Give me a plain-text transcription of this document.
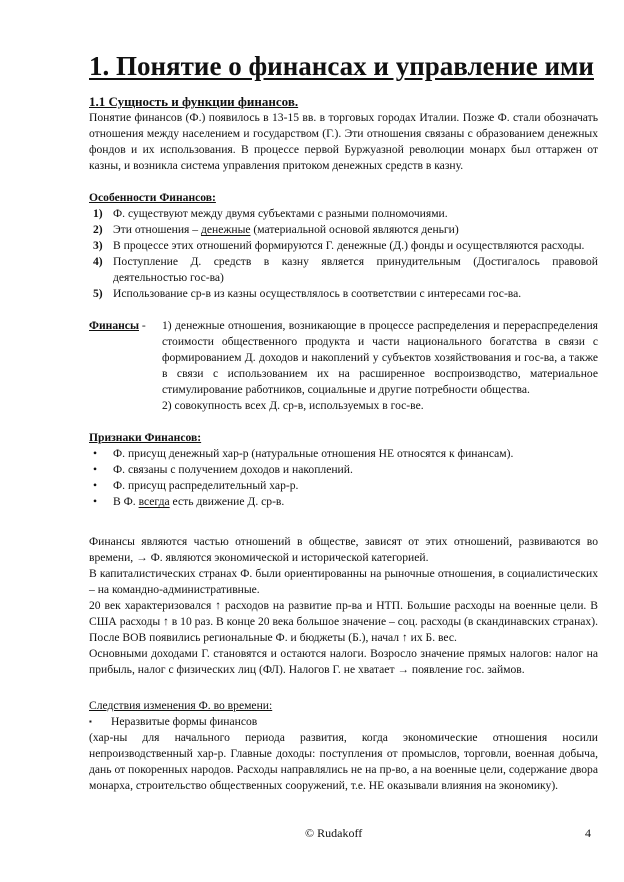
1. Понятие о финансах и управление ими
1.1 Сущность и функции финансов.

Понятие финансов (Ф.) появилось в 13-15 вв. в торговых городах Италии. Позже Ф. стали обозначать отношения между населением и государством (Г.). Эти отношения связаны с образованием денежных фондов и их использования. В процессе первой Буржуазной революции монарх был оттаржен от казны, и возникла система управления притоком денежных средств в казну.

Особенности Финансов:
1) Ф. существуют между двумя субъектами с разными полномочиями.
2) Эти отношения – денежные (материальной основой являются деньги)
3) В процессе этих отношений формируются Г. денежные (Д.) фонды и осуществляются расходы.
4) Поступление Д. средств в казну является принудительным (Достигалось правовой деятельностью гос-ва)
5) Использование ср-в из казны осуществлялось в соответствии с интересами гос-ва.
Финансы - 1) денежные отношения, возникающие в процессе распределения и перераспределения стоимости общественного продукта и части национального богатства в связи с формированием Д. доходов и накоплений у субъектов хозяйствования и гос-ва, а также в связи с использованием их на расширенное воспроизводство, материальное стимулирование работников, социальные и другие потребности общества.

2) совокупность всех Д. ср-в, используемых в гос-ве.

Признаки Финансов:
• Ф. присущ денежный хар-р (натуральные отношения НЕ относятся к финансам).
• Ф. связаны с получением доходов и накоплений.
• Ф. присущ распределительный хар-р.
• В Ф. всегда есть движение Д. ср-в.

Финансы являются частью отношений в обществе, зависят от этих отношений, развиваются во времени, → Ф. являются экономической и исторической категорией.

В капиталистических странах Ф. были ориентированны на рыночные отношения, в социалистических – на командно-административные.

20 век характеризовался ↑ расходов на развитие пр-ва и НТП. Большие расходы на военные цели. В США расходы ↑ в 10 раз. В конце 20 века большое значение – соц. расходы (в скандинавских странах). После ВОВ появились региональные Ф. и бюджеты (Б.), начал ↑ их Б. вес.

Основными доходами Г. становятся и остаются налоги. Возросло значение прямых налогов: налог на прибыль, налог с физических лиц (ФЛ). Налогов Г. не хватает → появление гос. займов.

Следствия изменения Ф. во времени:
▪ Неразвитые формы финансов

(хар-ны для начального периода развития, когда экономические отношения носили непроизводственный хар-р. Главные доходы: поступления от промыслов, торговли, военная добыча, дань от покоренных народов. Расходы направлялись не на пр-во, а на военные цели, содержание двора монарха, строительство общественных сооружений, т.е. НЕ оказывали влияния на экономику).

© Rudakoff	4
